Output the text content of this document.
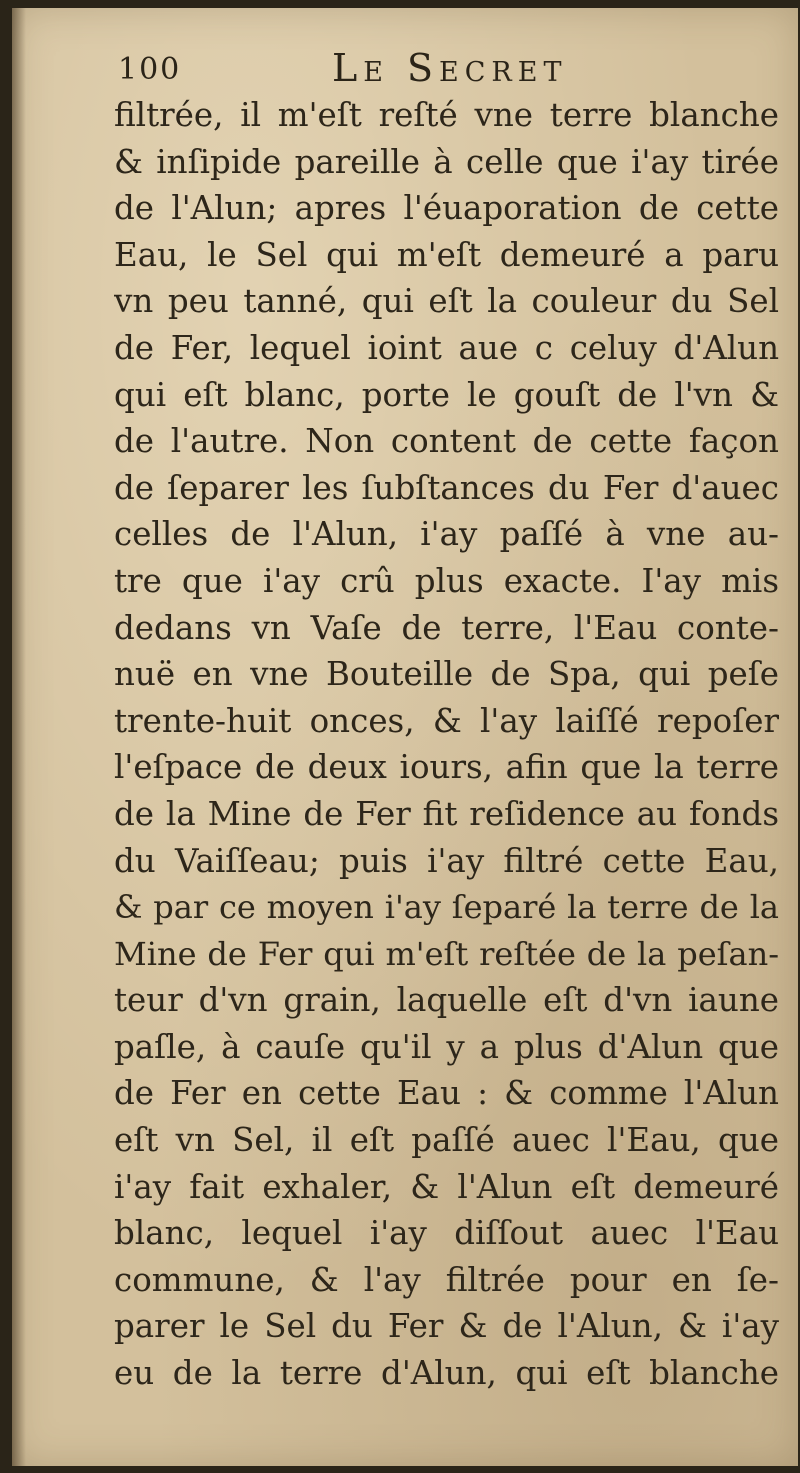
100	Le Secret
filtrée, il m'eſt reſté vne terre blanche
& inſipide pareille à celle que i'ay tirée
de l'Alun; apres l'éuaporation de cette
Eau, le Sel qui m'eſt demeuré a paru
vn peu tanné, qui eſt la couleur du Sel
de Fer, lequel ioint aue c celuy d'Alun
qui eſt blanc, porte le gouſt de l'vn &
de l'autre. Non content de cette façon
de ſeparer les ſubſtances du Fer d'auec
celles de l'Alun, i'ay paſſé à vne au-
tre que i'ay crû plus exacte. I'ay mis
dedans vn Vaſe de terre, l'Eau conte-
nuë en vne Bouteille de Spa, qui peſe
trente-huit onces, & l'ay laiſſé repoſer
l'eſpace de deux iours, afin que la terre
de la Mine de Fer fit reſidence au fonds
du Vaiſſeau; puis i'ay filtré cette Eau,
& par ce moyen i'ay ſeparé la terre de la
Mine de Fer qui m'eſt reſtée de la peſan-
teur d'vn grain, laquelle eſt d'vn iaune
paſle, à cauſe qu'il y a plus d'Alun que
de Fer en cette Eau : & comme l'Alun
eſt vn Sel, il eſt paſſé auec l'Eau, que
i'ay fait exhaler, & l'Alun eſt demeuré
blanc, lequel i'ay diſſout auec l'Eau
commune, & l'ay filtrée pour en ſe-
parer le Sel du Fer & de l'Alun, & i'ay
eu de la terre d'Alun, qui eſt blanche
